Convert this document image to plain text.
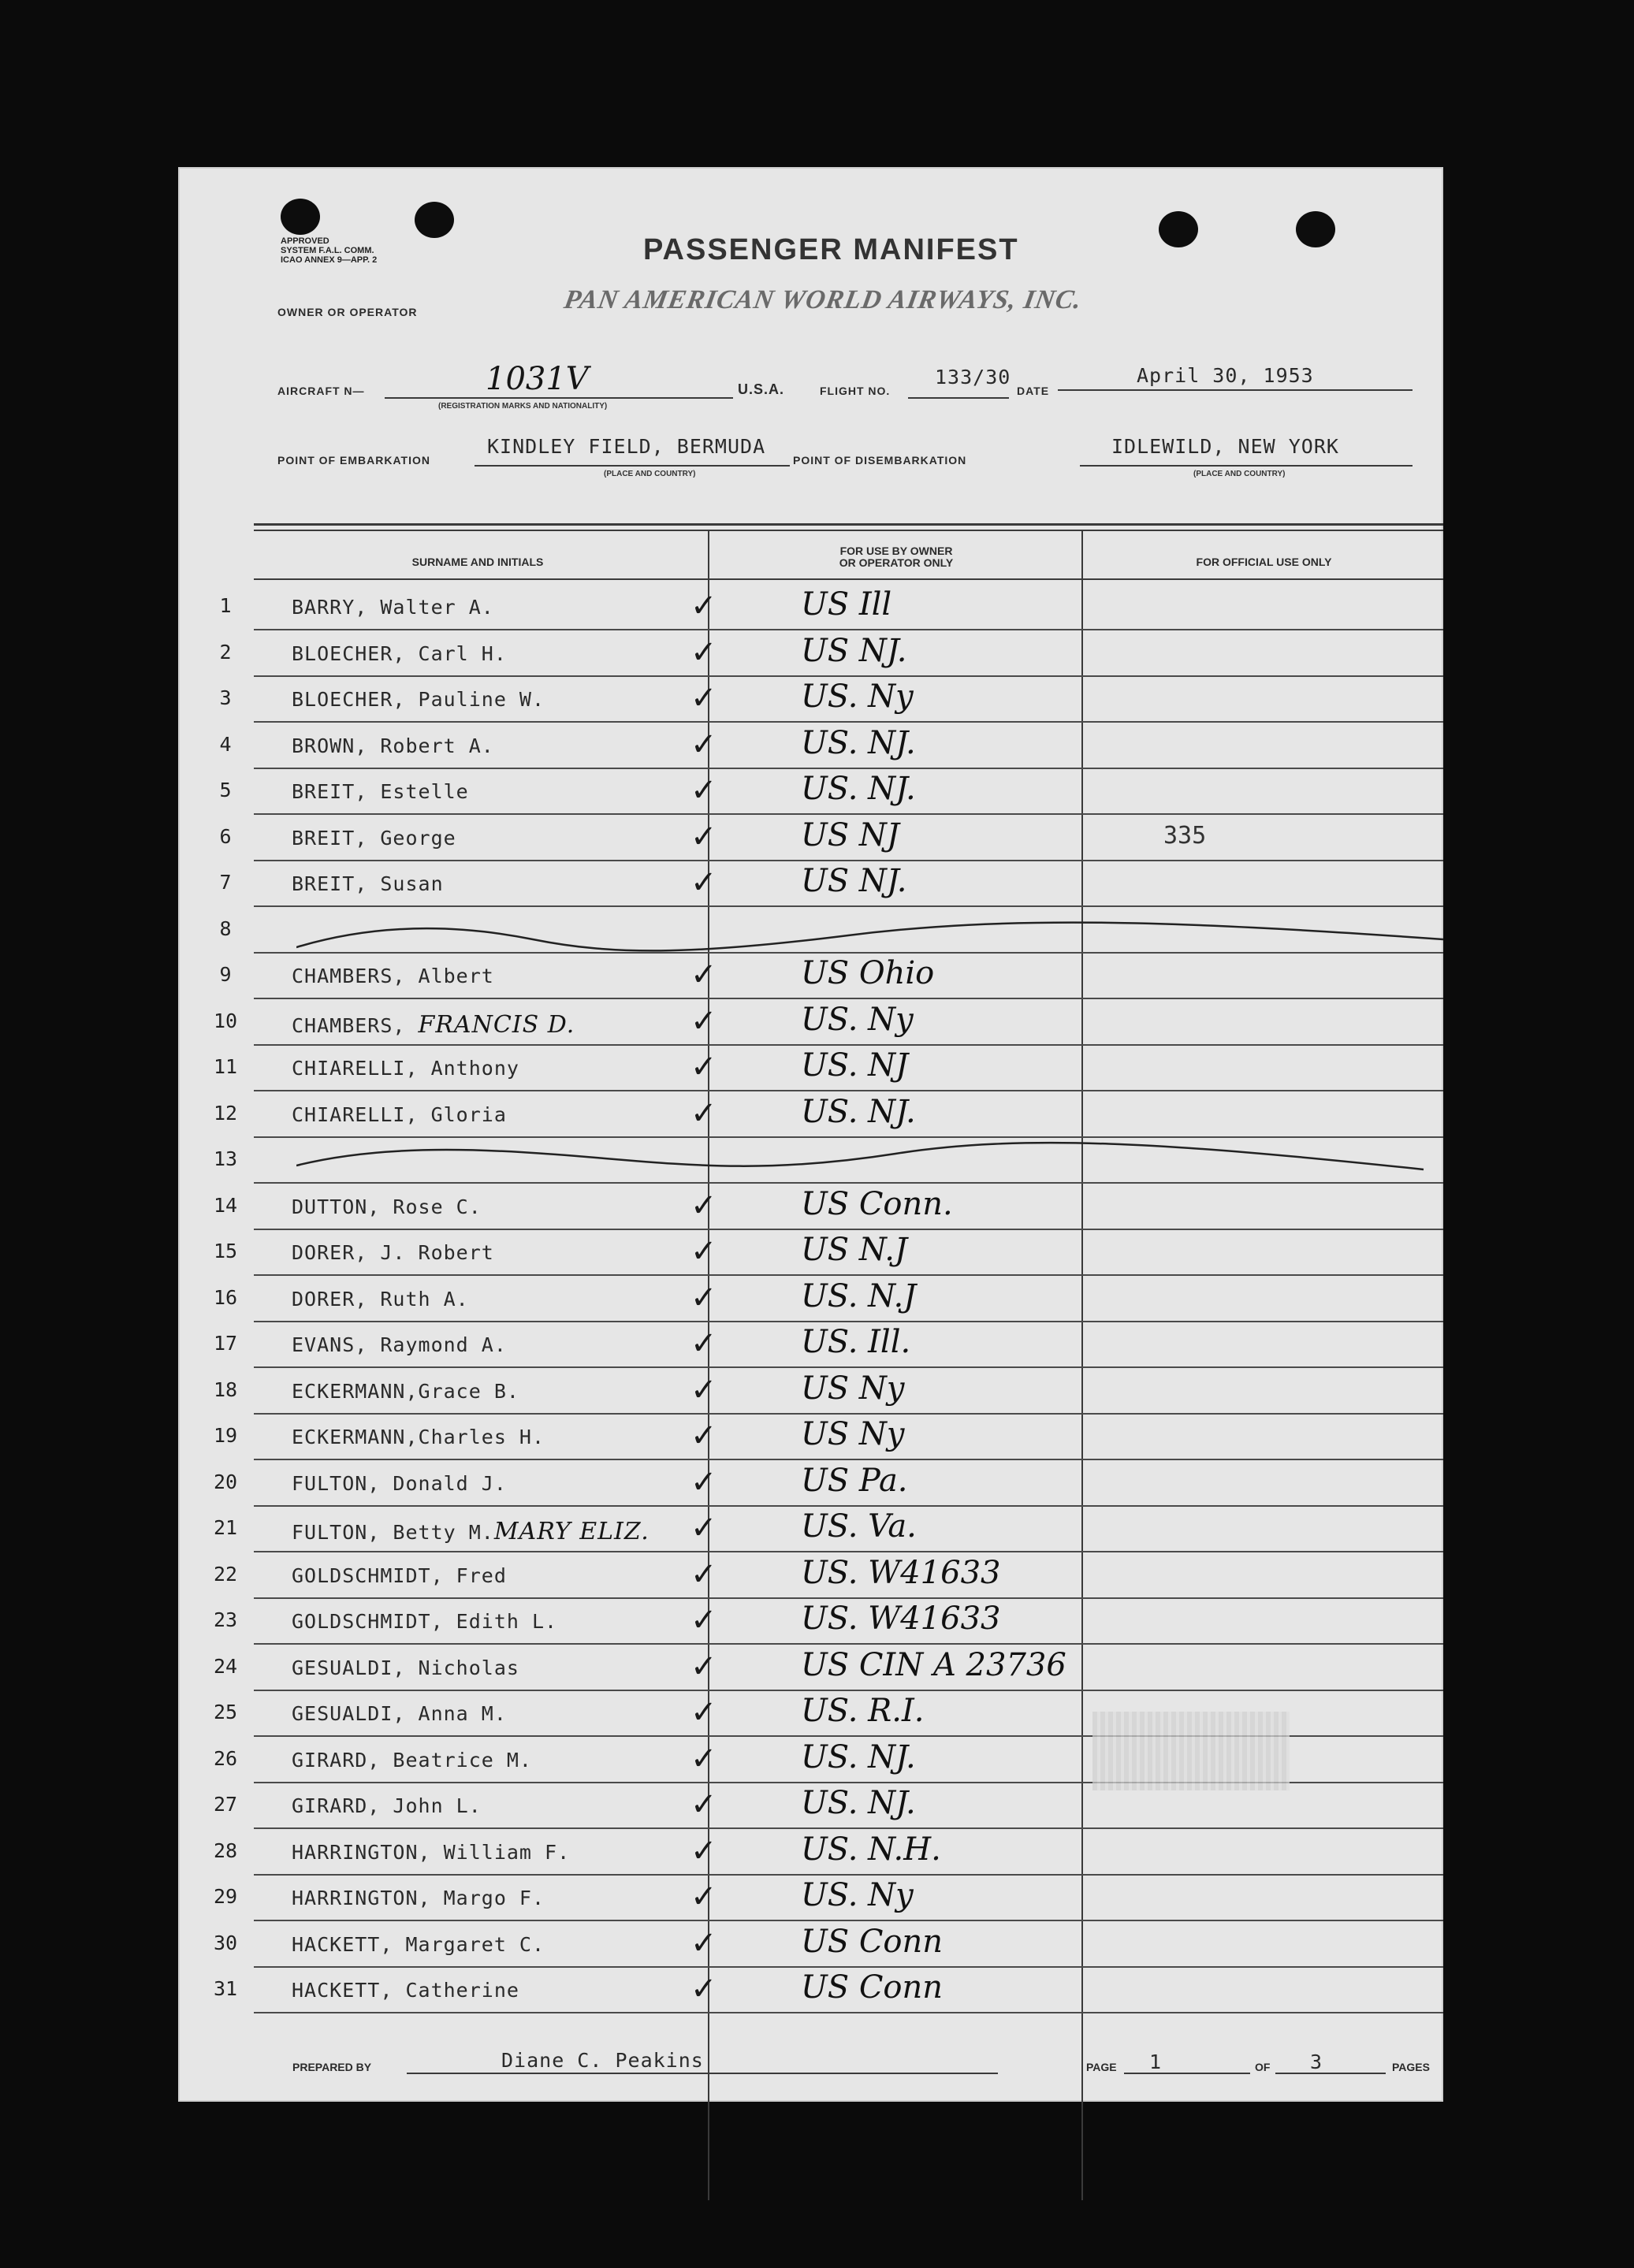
APPROVED
SYSTEM F.A.L. COMM.
ICAO ANNEX 9—APP. 2	PASSENGER MANIFEST
OWNER OR OPERATOR	PAN AMERICAN WORLD AIRWAYS, INC.
AIRCRAFT N—	1031V
(REGISTRATION MARKS AND NATIONALITY)
U.S.A.	FLIGHT NO.
133/30
DATE
April 30, 1953
POINT OF EMBARKATION
KINDLEY FIELD, BERMUDA
(PLACE AND COUNTRY)
POINT OF DISEMBARKATION
IDLEWILD, NEW YORK
(PLACE AND COUNTRY)
SURNAME AND INITIALS
FOR USE BY OWNER
OR OPERATOR ONLY	FOR OFFICIAL USE ONLY
1	BARRY, Walter A.	✓	US Ill
2	BLOECHER, Carl H.	✓	US NJ.
3	BLOECHER, Pauline W.	✓	US. Ny
4	BROWN, Robert A.	✓	US. NJ.
5	BREIT, Estelle	✓	US. NJ.
6	BREIT, George	✓	US NJ	335
7	BREIT, Susan	✓	US NJ.
8
9	CHAMBERS, Albert	✓	US Ohio
10	CHAMBERS, FRANCIS D.	✓	US. Ny
11	CHIARELLI, Anthony	✓	US. NJ
12	CHIARELLI, Gloria	✓	US. NJ.
13
14	DUTTON, Rose C.	✓	US Conn.
15	DORER, J. Robert	✓	US N.J
16	DORER, Ruth A.	✓	US. N.J
17	EVANS, Raymond A.	✓	US. Ill.
18	ECKERMANN,Grace B.	✓	US Ny
19	ECKERMANN,Charles H.	✓	US Ny
20	FULTON, Donald J.	✓	US Pa.
21	FULTON, Betty M.MARY ELIZ. ✓	US. Va.
22	GOLDSCHMIDT, Fred	✓	US. W41633
23	GOLDSCHMIDT, Edith L.	✓	US. W41633
24	GESUALDI, Nicholas	✓	US CIN A 23736
25	GESUALDI, Anna M.	✓	US. R.I.
26	GIRARD, Beatrice M.	✓	US. NJ.
27	GIRARD, John L.	✓	US. NJ.
28	HARRINGTON, William F.	✓	US. N.H.
29	HARRINGTON, Margo F.	✓	US. Ny
30	HACKETT, Margaret C.	✓	US Conn
31	HACKETT, Catherine	✓	US Conn
PREPARED BY	Diane C. Peakins	PAGE 1	OF 3	PAGES
